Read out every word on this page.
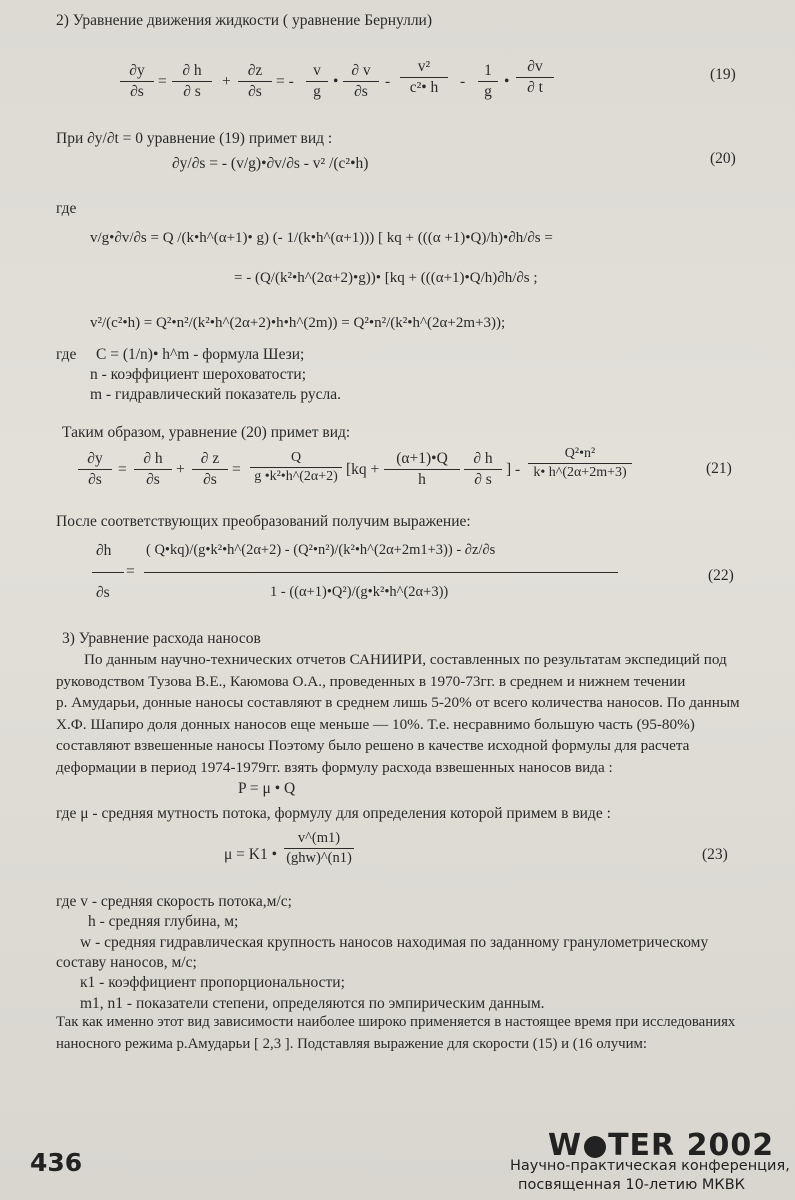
2) Уравнение движения жидкости ( уравнение Бернулли)
$\frac{\partial y}{\partial s} = \frac{\partial h}{\partial s} + \frac{\partial z}{\partial s}$ = - $\frac{v}{g}$ • $\frac{\partial v}{\partial s} - \frac{\text{v²}}{\text{c²• h}} - \frac{1}{g}$ • $\frac{\partial v}{\partial t}$	(19)
При ∂y/∂t = 0 уравнение (19) примет вид :
∂y/∂s = - (v/g)•∂v/∂s - v² /(c²•h)	(20)
где
v/g•∂v/∂s = Q /(k•h^(α+1)• g) (- 1/(k•h^(α+1))) [ kq + (((α +1)•Q)/h)•∂h/∂s =
= - (Q/(k²•h^(2α+2)•g))• [kq + (((α+1)•Q/h)∂h/∂s ;
v²/(c²•h) = Q²•n²/(k²•h^(2α+2)•h•h^(2m)) = Q²•n²/(k²•h^(2α+2m+3));
где C = (1/n)• h^m - формула Шези;
n - коэффициент шероховатости;
m - гидравлический показатель русла.
Таким образом, уравнение (20) примет вид:
$\frac{\partial y}{\partial s} = \frac{\partial h}{\partial s} + \frac{\partial z}{\partial s} = \frac{Q}{\text{g •k²•h\textasciicircum{}(2α+2)}} [kq + \frac{(\alpha+1)•Q}{h} \frac{\partial h}{\partial s}$ ] - $\frac{\text{Q²•n²}}{k• h\^{}(2\alpha+2m+3)}$	(21)
После соответствующих преобразований получим выражение:
∂h
=
∂s
( Q•kq)/(g•k²•h^(2α+2) - (Q²•n²)/(k²•h^(2α+2m1+3)) - ∂z/∂s
1 - ((α+1)•Q²)/(g•k²•h^(2α+3))
(22)
3) Уравнение расхода наносов
По данным научно-технических отчетов САНИИРИ, составленных по результатам экспедиций под
руководством Тузова В.Е., Каюмова О.А., проведенных в 1970-73гг. в среднем и нижнем течении
р. Амударьи, донные наносы составляют в среднем лишь 5-20% от всего количества наносов. По данным
Х.Ф. Шапиро доля донных наносов еще меньше — 10%. Т.е. несравнимо большую часть (95-80%)
составляют взвешенные наносы Поэтому было решено в качестве исходной формулы для расчета
деформации в период 1974-1979гг. взять формулу расхода взвешенных наносов вида :
P = μ • Q
где μ - средняя мутность потока, формулу для определения которой примем в виде :
μ = K1 •
v^(m1)
(ghw)^(n1)	(23)
где v - средняя скорость потока,м/с;
h - средняя глубина, м;
w - средняя гидравлическая крупность наносов находимая по заданному гранулометрическому
составу наносов, м/с;
к1 - коэффициент пропорциональности;
m1, n1 - показатели степени, определяются по эмпирическим данным.
Так как именно этот вид зависимости наиболее широко применяется в настоящее время при исследованиях
наносного режима р.Амударьи [ 2,3 ]. Подставляя выражение для скорости (15) и (16 олучим:
436	W TER 2002
Научно-практическая конференция,
посвященная 10-летию МКВК
